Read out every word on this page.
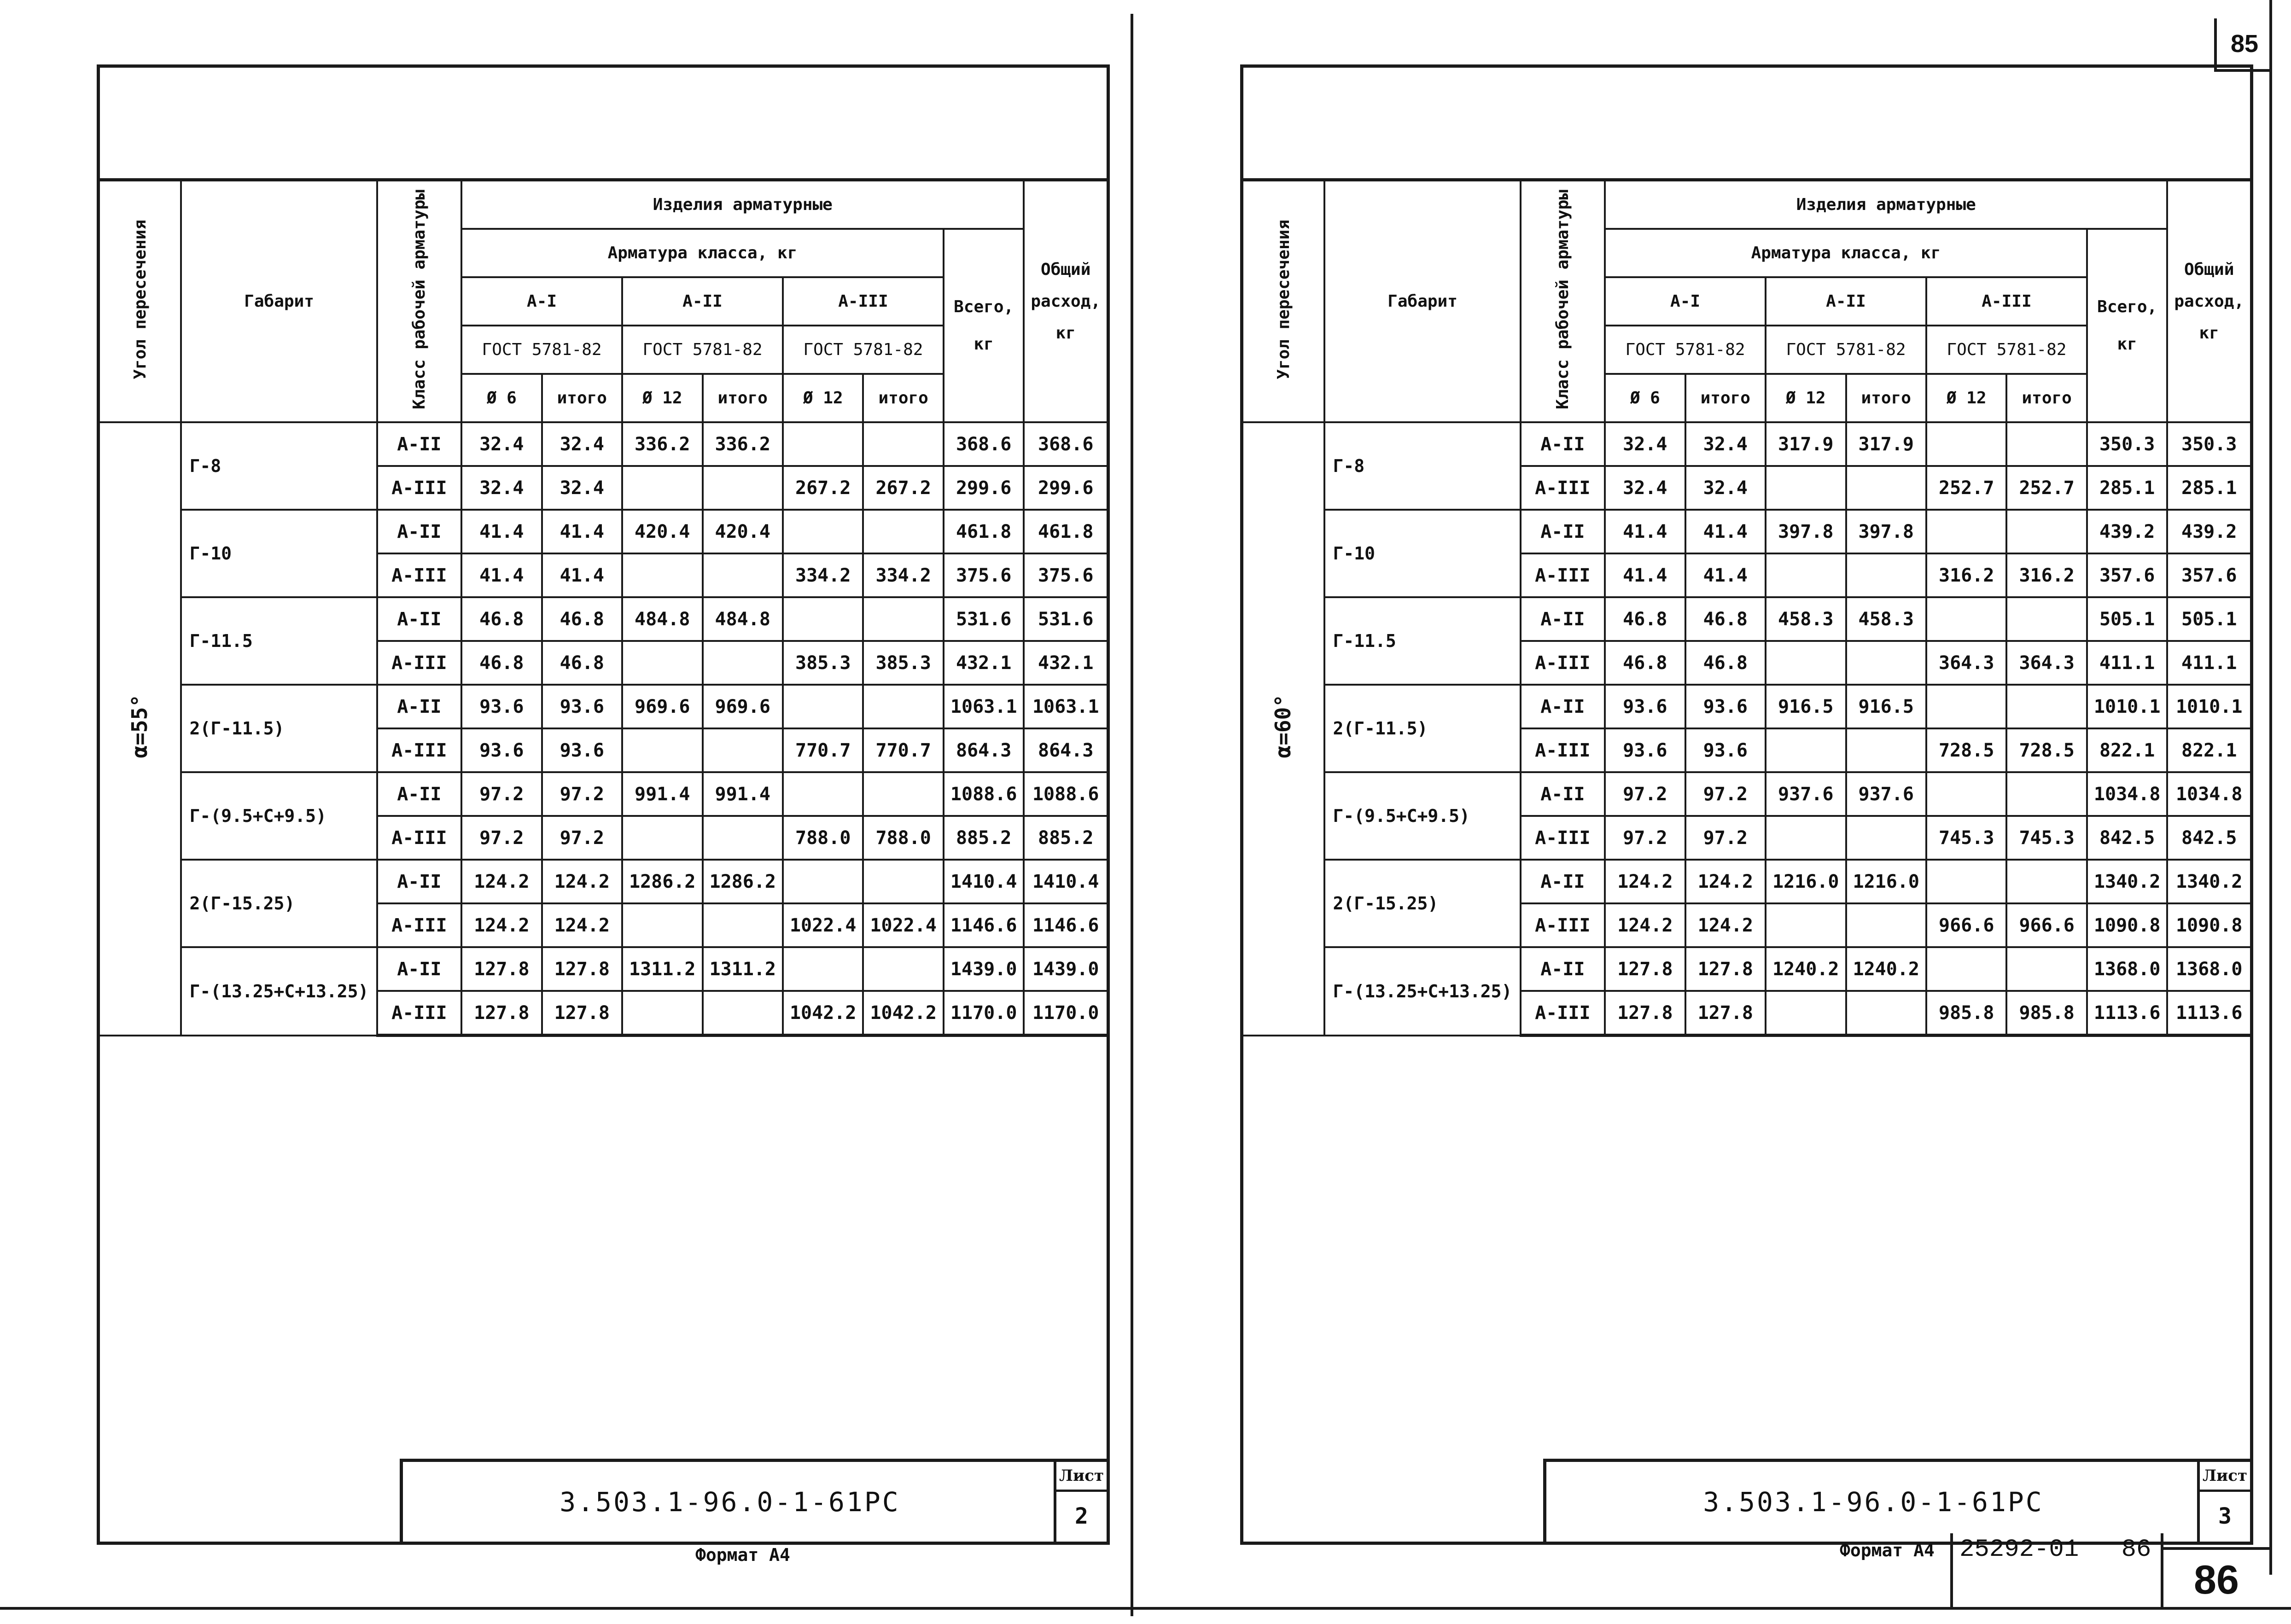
85
Угол пересечения	Габарит	Класс рабочей арматуры	Изделия арматурные							Общий
расход,
кг

			Арматура класса, кг						Всего,
кг	

			А-I		А-II		А-III			
			ГОСТ 5781-82		ГОСТ 5781-82		ГОСТ 5781-82			
			Ø 6	итого	Ø 12	итого	Ø 12	итого		
α=55°	Г-8	А-II	32.4	32.4	336.2	336.2			368.6	368.6
		А-III	32.4	32.4			267.2	267.2	299.6	299.6
	Г-10	А-II	41.4	41.4	420.4	420.4			461.8	461.8
		А-III	41.4	41.4			334.2	334.2	375.6	375.6
	Г-11.5	А-II	46.8	46.8	484.8	484.8			531.6	531.6
		А-III	46.8	46.8			385.3	385.3	432.1	432.1
	2(Г-11.5)	А-II	93.6	93.6	969.6	969.6			1063.1	1063.1
		А-III	93.6	93.6			770.7	770.7	864.3	864.3
	Г-(9.5+С+9.5)	А-II	97.2	97.2	991.4	991.4			1088.6	1088.6
		А-III	97.2	97.2			788.0	788.0	885.2	885.2
	2(Г-15.25)	А-II	124.2	124.2	1286.2	1286.2			1410.4	1410.4
		А-III	124.2	124.2			1022.4	1022.4	1146.6	1146.6
	Г-(13.25+С+13.25)	А-II	127.8	127.8	1311.2	1311.2			1439.0	1439.0
		А-III	127.8	127.8			1042.2	1042.2	1170.0	1170.0
3.503.1-96.0-1-61РС
Лист
2
Формат А4
Угол пересечения	Габарит	Класс рабочей арматуры	Изделия арматурные							Общий
расход,
кг

			Арматура класса, кг						Всего,
кг	

			А-I		А-II		А-III			
			ГОСТ 5781-82		ГОСТ 5781-82		ГОСТ 5781-82			
			Ø 6	итого	Ø 12	итого	Ø 12	итого		
α=60°	Г-8	А-II	32.4	32.4	317.9	317.9			350.3	350.3
		А-III	32.4	32.4			252.7	252.7	285.1	285.1
	Г-10	А-II	41.4	41.4	397.8	397.8			439.2	439.2
		А-III	41.4	41.4			316.2	316.2	357.6	357.6
	Г-11.5	А-II	46.8	46.8	458.3	458.3			505.1	505.1
		А-III	46.8	46.8			364.3	364.3	411.1	411.1
	2(Г-11.5)	А-II	93.6	93.6	916.5	916.5			1010.1	1010.1
		А-III	93.6	93.6			728.5	728.5	822.1	822.1
	Г-(9.5+С+9.5)	А-II	97.2	97.2	937.6	937.6			1034.8	1034.8
		А-III	97.2	97.2			745.3	745.3	842.5	842.5
	2(Г-15.25)	А-II	124.2	124.2	1216.0	1216.0			1340.2	1340.2
		А-III	124.2	124.2			966.6	966.6	1090.8	1090.8
	Г-(13.25+С+13.25)	А-II	127.8	127.8	1240.2	1240.2			1368.0	1368.0
		А-III	127.8	127.8			985.8	985.8	1113.6	1113.6
3.503.1-96.0-1-61РС
Лист
3
Формат А4 25292-01 86
86
